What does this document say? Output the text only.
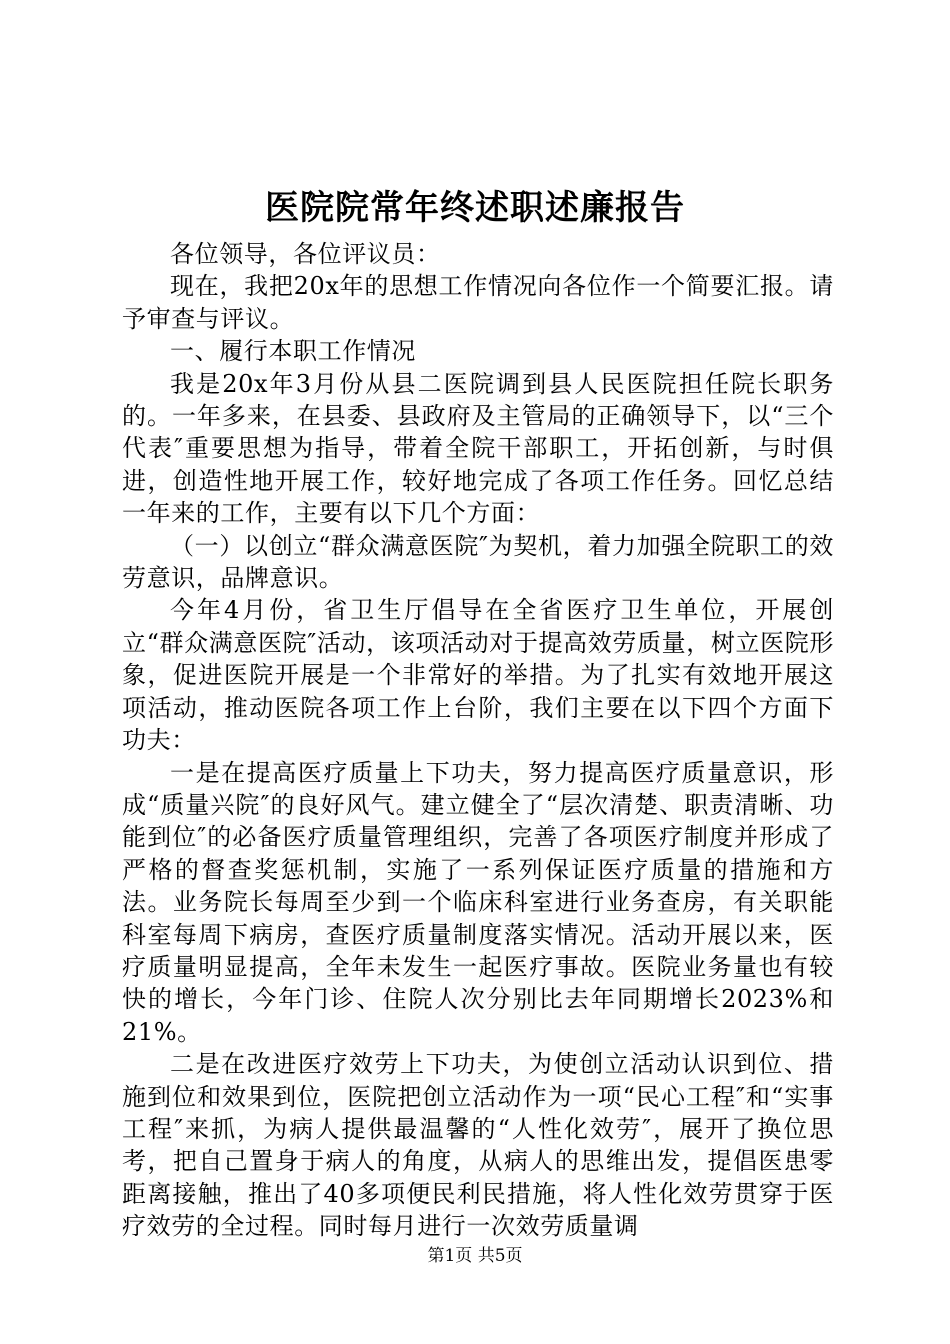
医院院常年终述职述廉报告

各位领导，各位评议员：

现在，我把20x年的思想工作情况向各位作一个简要汇报。请予审查与评议。

一、履行本职工作情况

我是20x年3月份从县二医院调到县人民医院担任院长职务的。一年多来，在县委、县政府及主管局的正确领导下，以“三个代表″重要思想为指导，带着全院干部职工，开拓创新，与时俱进，创造性地开展工作，较好地完成了各项工作任务。回忆总结一年来的工作，主要有以下几个方面：

（一）以创立“群众满意医院″为契机，着力加强全院职工的效劳意识，品牌意识。

今年4月份，省卫生厅倡导在全省医疗卫生单位，开展创立“群众满意医院″活动，该项活动对于提高效劳质量，树立医院形象，促进医院开展是一个非常好的举措。为了扎实有效地开展这项活动，推动医院各项工作上台阶，我们主要在以下四个方面下功夫：

一是在提高医疗质量上下功夫，努力提高医疗质量意识，形成“质量兴院″的良好风气。建立健全了“层次清楚、职责清晰、功能到位″的必备医疗质量管理组织，完善了各项医疗制度并形成了严格的督查奖惩机制，实施了一系列保证医疗质量的措施和方法。业务院长每周至少到一个临床科室进行业务查房，有关职能科室每周下病房，查医疗质量制度落实情况。活动开展以来，医疗质量明显提高，全年未发生一起医疗事故。医院业务量也有较快的增长，今年门诊、住院人次分别比去年同期增长2023%和21%。

二是在改进医疗效劳上下功夫，为使创立活动认识到位、措施到位和效果到位，医院把创立活动作为一项“民心工程″和“实事工程″来抓，为病人提供最温馨的“人性化效劳″，展开了换位思考，把自己置身于病人的角度，从病人的思维出发，提倡医患零距离接触，推出了40多项便民利民措施，将人性化效劳贯穿于医疗效劳的全过程。同时每月进行一次效劳质量调

第1页 共5页
